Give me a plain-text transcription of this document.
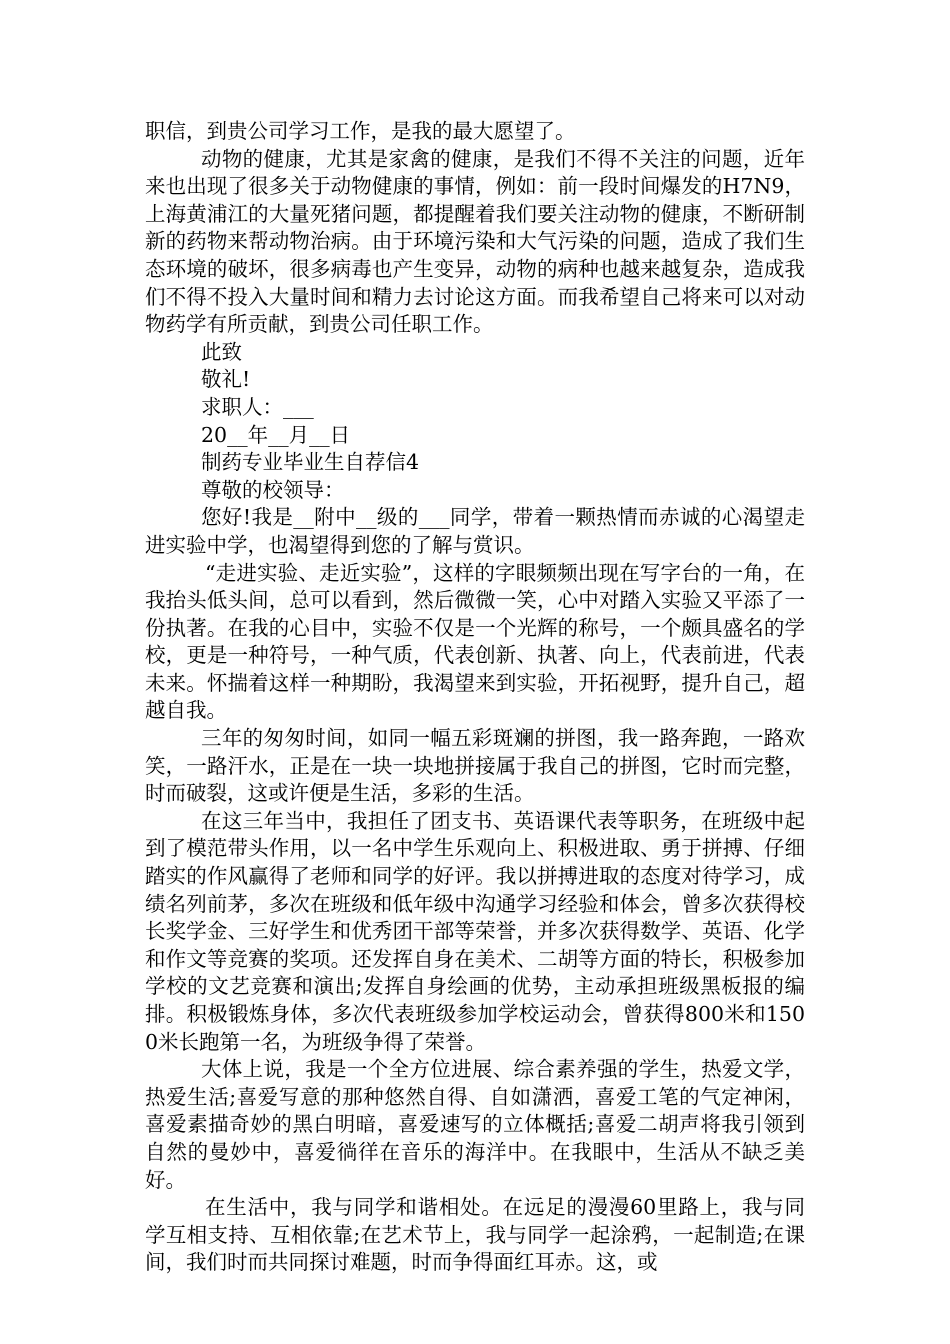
职信，到贵公司学习工作，是我的最大愿望了。

动物的健康，尤其是家禽的健康，是我们不得不关注的问题，近年来也出现了很多关于动物健康的事情，例如：前一段时间爆发的H7N9，上海黄浦江的大量死猪问题，都提醒着我们要关注动物的健康，不断研制新的药物来帮动物治病。由于环境污染和大气污染的问题，造成了我们生态环境的破坏，很多病毒也产生变异，动物的病种也越来越复杂，造成我们不得不投入大量时间和精力去讨论这方面。而我希望自己将来可以对动物药学有所贡献，到贵公司任职工作。

此致

敬礼!

求职人：___

20__年__月__日

制药专业毕业生自荐信4

尊敬的校领导：

您好!我是__附中__级的___同学，带着一颗热情而赤诚的心渴望走进实验中学，也渴望得到您的了解与赏识。

“走进实验、走近实验”，这样的字眼频频出现在写字台的一角，在我抬头低头间，总可以看到，然后微微一笑，心中对踏入实验又平添了一份执著。在我的心目中，实验不仅是一个光辉的称号，一个颇具盛名的学校，更是一种符号，一种气质，代表创新、执著、向上，代表前进，代表未来。怀揣着这样一种期盼，我渴望来到实验，开拓视野，提升自己，超越自我。

三年的匆匆时间，如同一幅五彩斑斓的拼图，我一路奔跑，一路欢笑，一路汗水，正是在一块一块地拼接属于我自己的拼图，它时而完整，时而破裂，这或许便是生活，多彩的生活。

在这三年当中，我担任了团支书、英语课代表等职务，在班级中起到了模范带头作用，以一名中学生乐观向上、积极进取、勇于拼搏、仔细踏实的作风赢得了老师和同学的好评。我以拼搏进取的态度对待学习，成绩名列前茅，多次在班级和低年级中沟通学习经验和体会，曾多次获得校长奖学金、三好学生和优秀团干部等荣誉，并多次获得数学、英语、化学和作文等竞赛的奖项。还发挥自身在美术、二胡等方面的特长，积极参加学校的文艺竞赛和演出;发挥自身绘画的优势，主动承担班级黑板报的编排。积极锻炼身体，多次代表班级参加学校运动会，曾获得800米和1500米长跑第一名，为班级争得了荣誉。

大体上说，我是一个全方位进展、综合素养强的学生，热爱文学，热爱生活;喜爱写意的那种悠然自得、自如潇洒，喜爱工笔的气定神闲，喜爱素描奇妙的黑白明暗，喜爱速写的立体概括;喜爱二胡声将我引领到自然的曼妙中，喜爱徜徉在音乐的海洋中。在我眼中，生活从不缺乏美好。

在生活中，我与同学和谐相处。在远足的漫漫60里路上，我与同学互相支持、互相依靠;在艺术节上，我与同学一起涂鸦，一起制造;在课间，我们时而共同探讨难题，时而争得面红耳赤。这，或
